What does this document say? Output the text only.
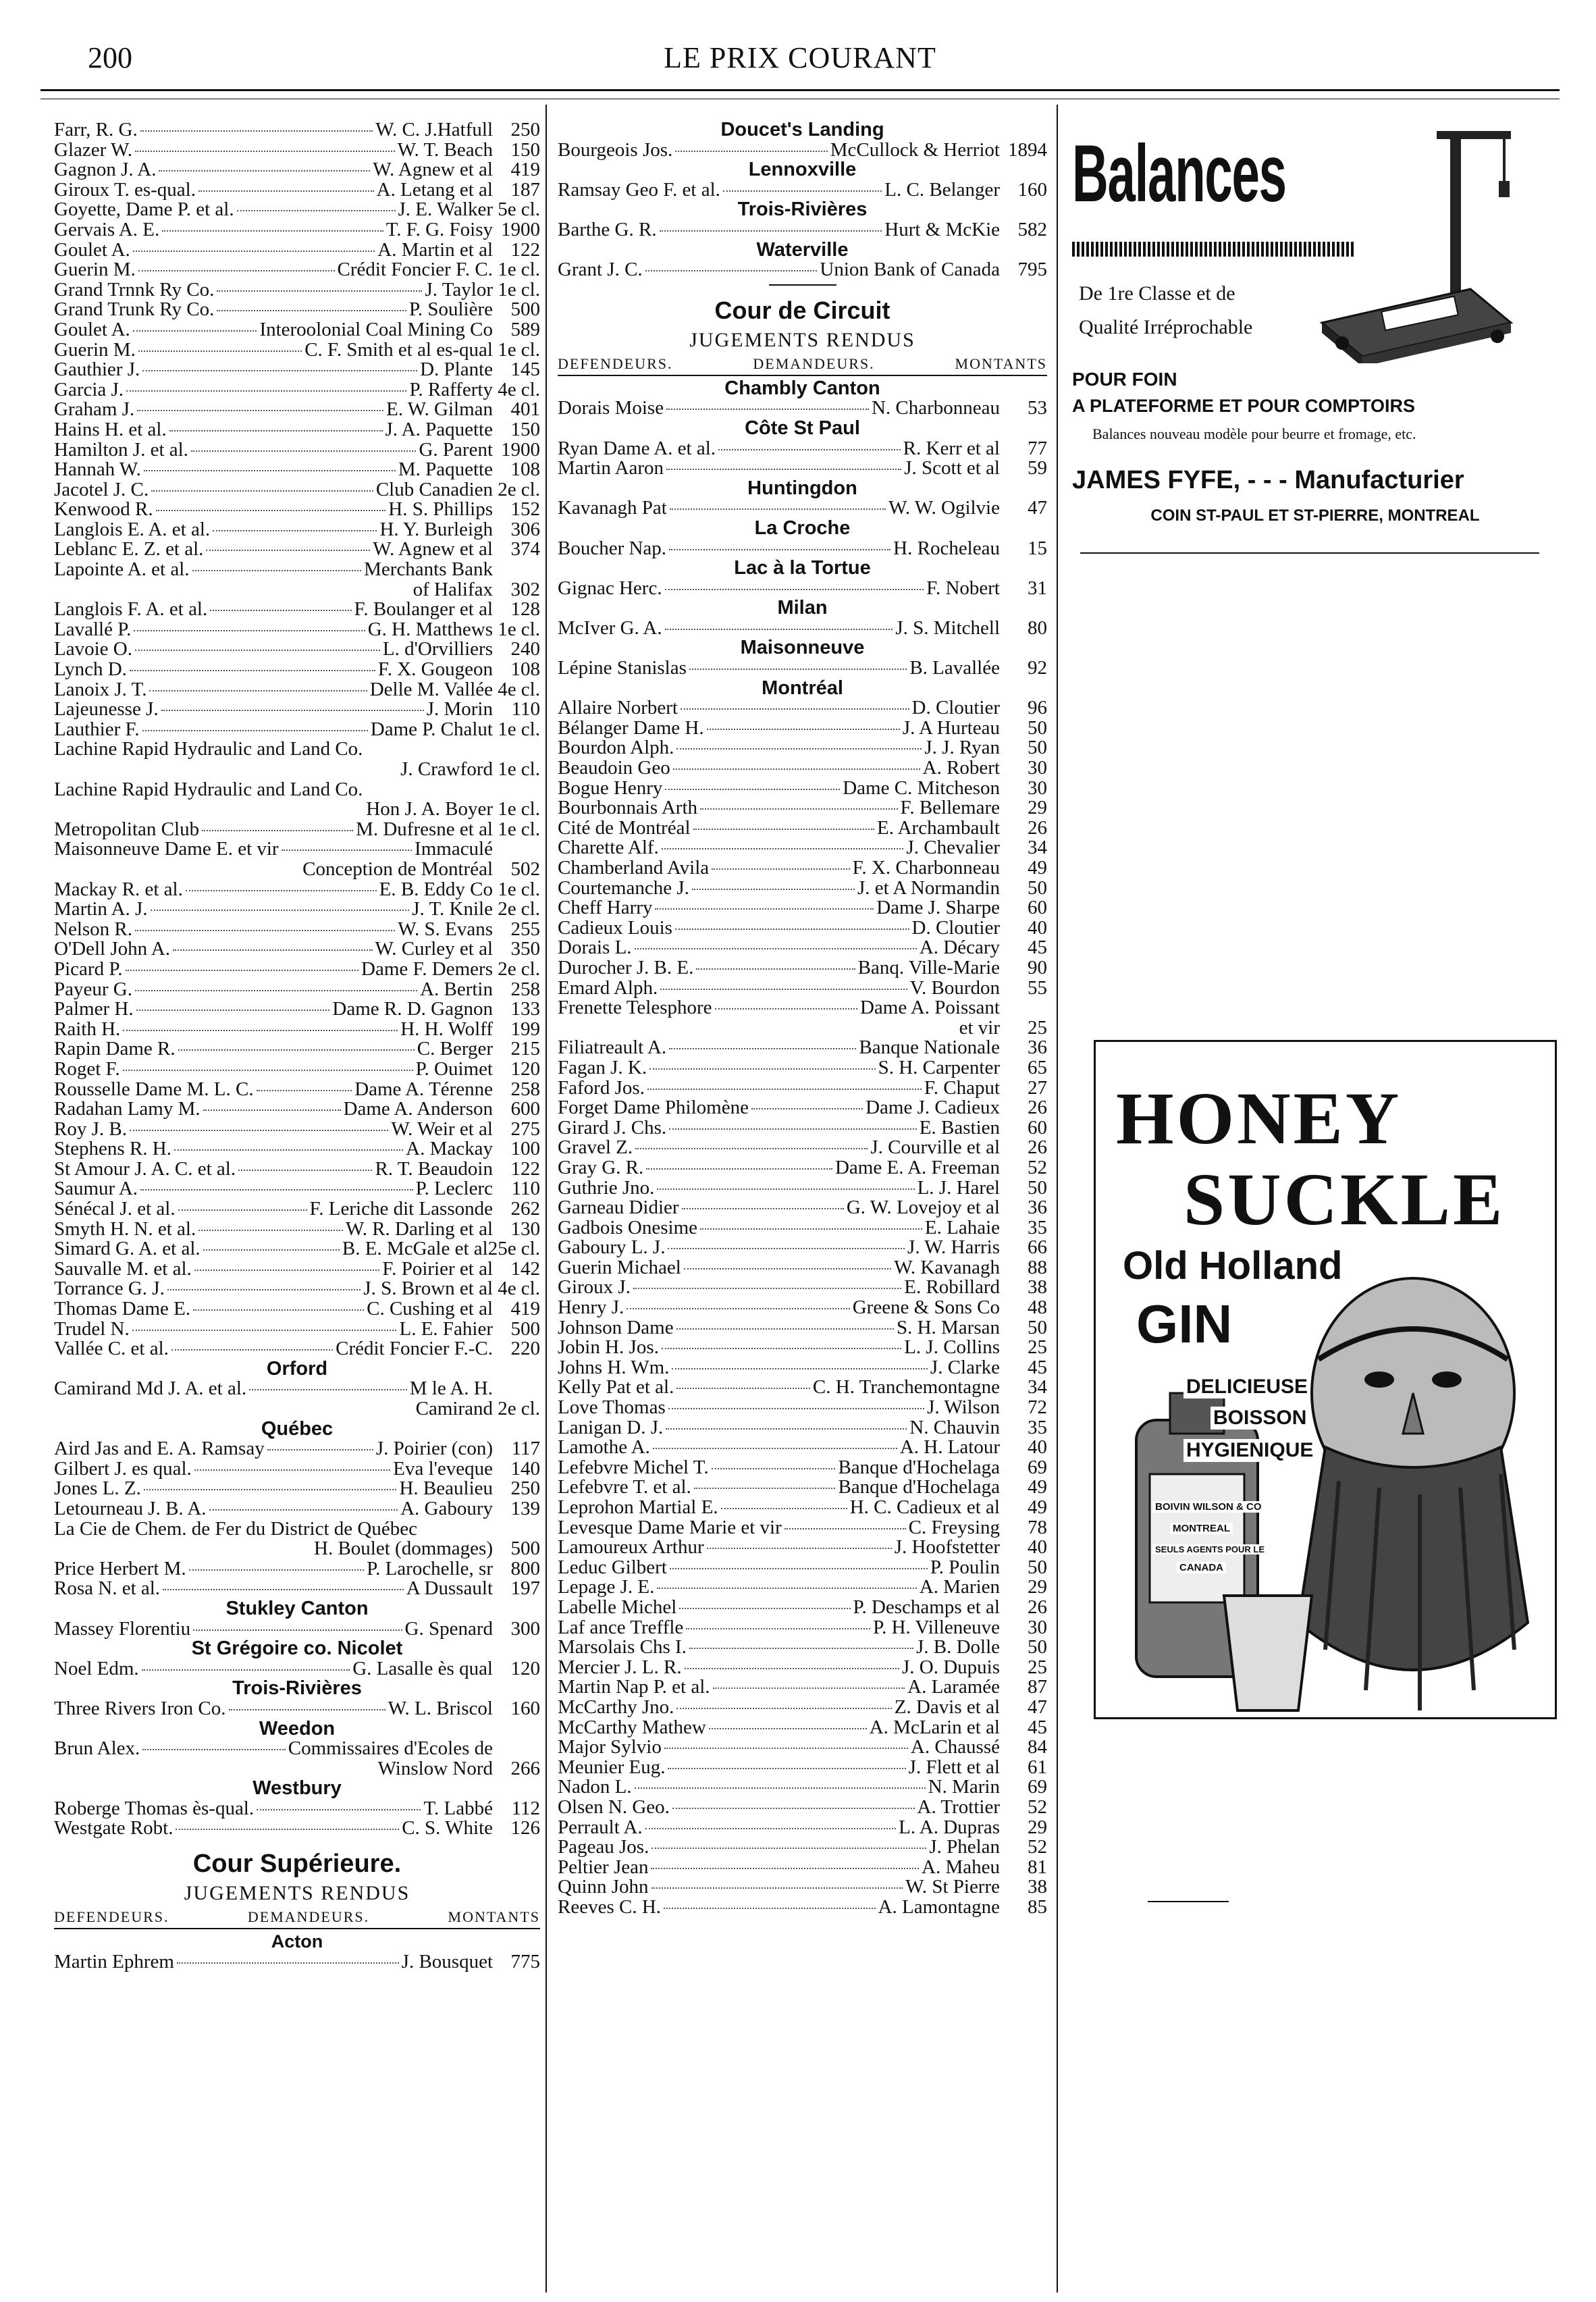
200	LE PRIX COURANT
Farr, R. G.	W. C. J.Hatfull 250
Glazer W.	W. T. Beach 150
Gagnon J. A.	W. Agnew et al 419
Giroux T. es-qual.	A. Letang et al 187
Goyette, Dame P. et al.	J. E. Walker 5e cl.
Gervais A. E.	T. F. G. Foisy 1900
Goulet A.	A. Martin et al 122
Guerin M.	Crédit Foncier F. C. 1e cl.
Grand Trnnk Ry Co.	J. Taylor 1e cl.
Grand Trunk Ry Co.	P. Soulière 500
Goulet A.	Interoolonial Coal Mining Co 589
Guerin M.	C. F. Smith et al es-qual 1e cl.
Gauthier J.	D. Plante 145
Garcia J.	P. Rafferty 4e cl.
Graham J.	E. W. Gilman 401
Hains H. et al.	J. A. Paquette 150
Hamilton J. et al.	G. Parent 1900
Hannah W.	M. Paquette 108
Jacotel J. C.	Club Canadien 2e cl.
Kenwood R.	H. S. Phillips 152
Langlois E. A. et al.	H. Y. Burleigh 306
Leblanc E. Z. et al.	W. Agnew et al 374
Lapointe A. et al.	Merchants Bank
of Halifax 302
Langlois F. A. et al.	F. Boulanger et al 128
Lavallé P.	G. H. Matthews 1e cl.
Lavoie O.	L. d'Orvilliers 240
Lynch D.	F. X. Gougeon 108
Lanoix J. T.	Delle M. Vallée 4e cl.
Lajeunesse J.	J. Morin 110
Lauthier F.	Dame P. Chalut 1e cl.
Lachine Rapid Hydraulic and Land Co.
J. Crawford 1e cl.
Lachine Rapid Hydraulic and Land Co.
Hon J. A. Boyer 1e cl.
Metropolitan Club	M. Dufresne et al 1e cl.
Maisonneuve Dame E. et vir	Immaculé
Conception de Montréal 502
Mackay R. et al.	E. B. Eddy Co 1e cl.
Martin A. J.	J. T. Knile 2e cl.
Nelson R.	W. S. Evans 255
O'Dell John A.	W. Curley et al 350
Picard P.	Dame F. Demers 2e cl.
Payeur G.	A. Bertin 258
Palmer H.	Dame R. D. Gagnon 133
Raith H.	H. H. Wolff 199
Rapin Dame R.	C. Berger 215
Roget F.	P. Ouimet 120
Rousselle Dame M. L. C.	Dame A. Térenne 258
Radahan Lamy M.	Dame A. Anderson 600
Roy J. B.	W. Weir et al 275
Stephens R. H.	A. Mackay 100
St Amour J. A. C. et al.	R. T. Beaudoin 122
Saumur A.	P. Leclerc 110
Sénécal J. et al.	F. Leriche dit Lassonde 262
Smyth H. N. et al.	W. R. Darling et al 130
Simard G. A. et al.	B. E. McGale et al 25e cl.
Sauvalle M. et al.	F. Poirier et al 142
Torrance G. J.	J. S. Brown et al 4e cl.
Thomas Dame E.	C. Cushing et al 419
Trudel N.	L. E. Fahier 500
Vallée C. et al.	Crédit Foncier F.-C. 220
Orford
Camirand Md J. A. et al.	M le A. H.
Camirand 2e cl.
Québec
Aird Jas and E. A. Ramsay	J. Poirier (con) 117
Gilbert J. es qual.	Eva l'eveque 140
Jones L. Z.	H. Beaulieu 250
Letourneau J. B. A.	A. Gaboury 139
La Cie de Chem. de Fer du District de Québec
H. Boulet (dommages) 500
Price Herbert M.	P. Larochelle, sr 800
Rosa N. et al.	A Dussault 197
Stukley Canton
Massey Florentiu	G. Spenard 300
St Grégoire co. Nicolet
Noel Edm.	G. Lasalle ès qual 120
Trois-Rivières
Three Rivers Iron Co.	W. L. Briscol 160
Weedon
Brun Alex.	Commissaires d'Ecoles de
Winslow Nord 266
Westbury
Roberge Thomas ès-qual.	T. Labbé 112
Westgate Robt.	C. S. White 126
Cour Supérieure.
JUGEMENTS RENDUS
DEFENDEURS.	DEMANDEURS.	MONTANTS
Acton
Martin Ephrem	J. Bousquet 775
Doucet's Landing
Bourgeois Jos.	McCullock & Herriot 1894
Lennoxville
Ramsay Geo F. et al.	L. C. Belanger 160
Trois-Rivières
Barthe G. R.	Hurt & McKie 582
Waterville
Grant J. C.	Union Bank of Canada 795
Cour de Circuit
JUGEMENTS RENDUS
DEFENDEURS.	DEMANDEURS.	MONTANTS
Chambly Canton
Dorais Moise	N. Charbonneau	53
Côte St Paul
Ryan Dame A. et al.	R. Kerr et al	77
Martin Aaron	J. Scott et al	59
Huntingdon
Kavanagh Pat	W. W. Ogilvie	47
La Croche
Boucher Nap.	H. Rocheleau	15
Lac à la Tortue
Gignac Herc.	F. Nobert	31
Milan
McIver G. A.	J. S. Mitchell	80
Maisonneuve
Lépine Stanislas	B. Lavallée	92
Montréal
Allaire Norbert	D. Cloutier	96
Bélanger Dame H.	J. A Hurteau	50
Bourdon Alph.	J. J. Ryan	50
Beaudoin Geo	A. Robert	30
Bogue Henry	Dame C. Mitcheson	30
Bourbonnais Arth	F. Bellemare	29
Cité de Montréal	E. Archambault	26
Charette Alf.	J. Chevalier	34
Chamberland Avila	F. X. Charbonneau	49
Courtemanche J.	J. et A Normandin	50
Cheff Harry	Dame J. Sharpe	60
Cadieux Louis	D. Cloutier	40
Dorais L.	A. Décary	45
Durocher J. B. E.	Banq. Ville-Marie	90
Emard Alph.	V. Bourdon	55
Frenette Telesphore	Dame A. Poissant
et vir	25
Filiatreault A.	Banque Nationale	36
Fagan J. K.	S. H. Carpenter	65
Faford Jos.	F. Chaput	27
Forget Dame Philomène	Dame J. Cadieux	26
Girard J. Chs.	E. Bastien	60
Gravel Z.	J. Courville et al	26
Gray G. R.	Dame E. A. Freeman	52
Guthrie Jno.	L. J. Harel	50
Garneau Didier	G. W. Lovejoy et al	36
Gadbois Onesime	E. Lahaie	35
Gaboury L. J.	J. W. Harris	66
Guerin Michael	W. Kavanagh	88
Giroux J.	E. Robillard	38
Henry J.	Greene & Sons Co	48
Johnson Dame	S. H. Marsan	50
Jobin H. Jos.	L. J. Collins	25
Johns H. Wm.	J. Clarke	45
Kelly Pat et al.	C. H. Tranchemontagne	34
Love Thomas	J. Wilson	72
Lanigan D. J.	N. Chauvin	35
Lamothe A.	A. H. Latour	40
Lefebvre Michel T.	Banque d'Hochelaga	69
Lefebvre T. et al.	Banque d'Hochelaga	49
Leprohon Martial E.	H. C. Cadieux et al	49
Levesque Dame Marie et vir	C. Freysing	78
Lamoureux Arthur	J. Hoofstetter	40
Leduc Gilbert	P. Poulin	50
Lepage J. E.	A. Marien	29
Labelle Michel	P. Deschamps et al	26
Laf ance Treffle	P. H. Villeneuve	30
Marsolais Chs I.	J. B. Dolle	50
Mercier J. L. R.	J. O. Dupuis	25
Martin Nap P. et al.	A. Laramée	87
McCarthy Jno.	Z. Davis et al	47
McCarthy Mathew	A. McLarin et al	45
Major Sylvio	A. Chaussé	84
Meunier Eug.	J. Flett et al	61
Nadon L.	N. Marin	69
Olsen N. Geo.	A. Trottier	52
Perrault A.	L. A. Dupras	29
Pageau Jos.	J. Phelan	52
Peltier Jean	A. Maheu	81
Quinn John	W. St Pierre	38
Reeves C. H.	A. Lamontagne	85
Balances
De 1re Classe et de
Qualité Irréprochable
POUR FOIN
A PLATEFORME ET POUR COMPTOIRS
Balances nouveau modèle pour beurre et fromage, etc.
JAMES FYFE, - - - Manufacturier
COIN ST-PAUL ET ST-PIERRE, MONTREAL
HONEY
SUCKLE
Old Holland
GIN
DELICIEUSE
BOISSON
HYGIENIQUE
BOIVIN WILSON & CO
MONTREAL
SEULS AGENTS POUR LE
CANADA
